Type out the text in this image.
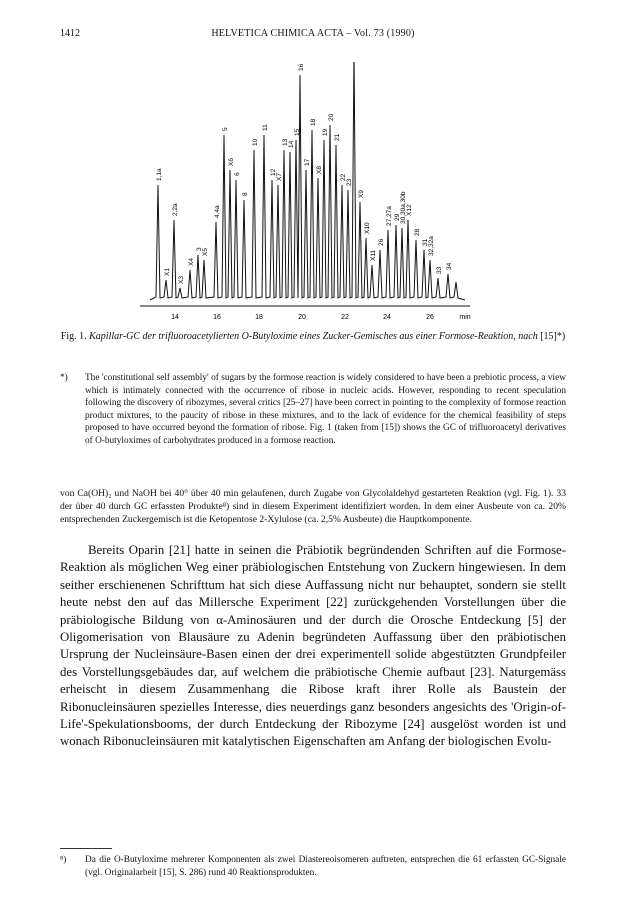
1412	HELVETICA CHIMICA ACTA – Vol. 73 (1990)
1,1a
X1
2,2a
X3
X4
3 X5
4,4a
5
X6
6
8
10
11
12
X7
13 14
15
16
17
18
X8
19
20
21
22
23
X9
X10
X11
26
27,27a 29 30,30a,30b X12
28
31 32,32a
33
34
14	16	18	20	22	24	26	min
Fig. 1. Kapillar-GC der trifluoroacetylierten O-Butyloxime eines Zucker-Gemisches aus einer Formose-Reaktion, nach [15]*)
*) The 'constitutional self assembly' of sugars by the formose reaction is widely considered to have been a prebiotic process, a view which is intimately connected with the occurrence of ribose in nucleic acids. However, responding to recent speculation following the discovery of ribozymes, several critics [25–27] have been correct in pointing to the complexity of formose reaction product mixtures, to the paucity of ribose in these mixtures, and to the lack of evidence for the chemical feasibility of steps proposed to have occurred beyond the formation of ribose. Fig. 1 (taken from [15]) shows the GC of trifluoroacetyl derivatives of O-butyloximes of carbohydrates produced in a formose reaction.
von Ca(OH)₂ und NaOH bei 40° über 40 min gelaufenen, durch Zugabe von Glycolaldehyd gestarteten Reaktion (vgl. Fig. 1). 33 der über 40 durch GC erfassten Produkte⁸) sind in diesem Experiment identifiziert worden. In dem einer Ausbeute von ca. 20% entsprechenden Zuckergemisch ist die Ketopentose 2-Xylulose (ca. 2,5% Ausbeute) die Hauptkomponente.
Bereits Oparin [21] hatte in seinen die Präbiotik begründenden Schriften auf die Formose-Reaktion als möglichen Weg einer präbiologischen Entstehung von Zuckern hingewiesen. In dem seither erschienenen Schrifttum hat sich diese Auffassung nicht nur behauptet, sondern sie stellt heute nebst den auf das Millersche Experiment [22] zurückgehenden Vorstellungen über die präbiologische Bildung von α-Aminosäuren und der durch die Orosche Entdeckung [5] der Oligomerisation von Blausäure zu Adenin begründeten Auffassung über den präbiotischen Ursprung der Nucleinsäure-Basen einen der drei experimentell solide abgestützten Grundpfeiler des Vorstellungsgebäudes dar, auf welchem die präbiotische Chemie aufbaut [23]. Naturgemäss erheischt in diesem Zusammenhang die Ribose kraft ihrer Rolle als Baustein der Ribonucleinsäuren spezielles Interesse, dies neuerdings ganz besonders angesichts des 'Origin-of-Life'-Spekulationsbooms, der durch Entdeckung der Ribozyme [24] ausgelöst worden ist und wonach Ribonucleinsäuren mit katalytischen Eigenschaften am Anfang der biologischen Evolu-
⁸) Da die O-Butyloxime mehrerer Komponenten als zwei Diastereoisomeren auftreten, entsprechen die 61 erfassten GC-Signale (vgl. Originalarbeit [15], S. 286) rund 40 Reaktionsprodukten.
